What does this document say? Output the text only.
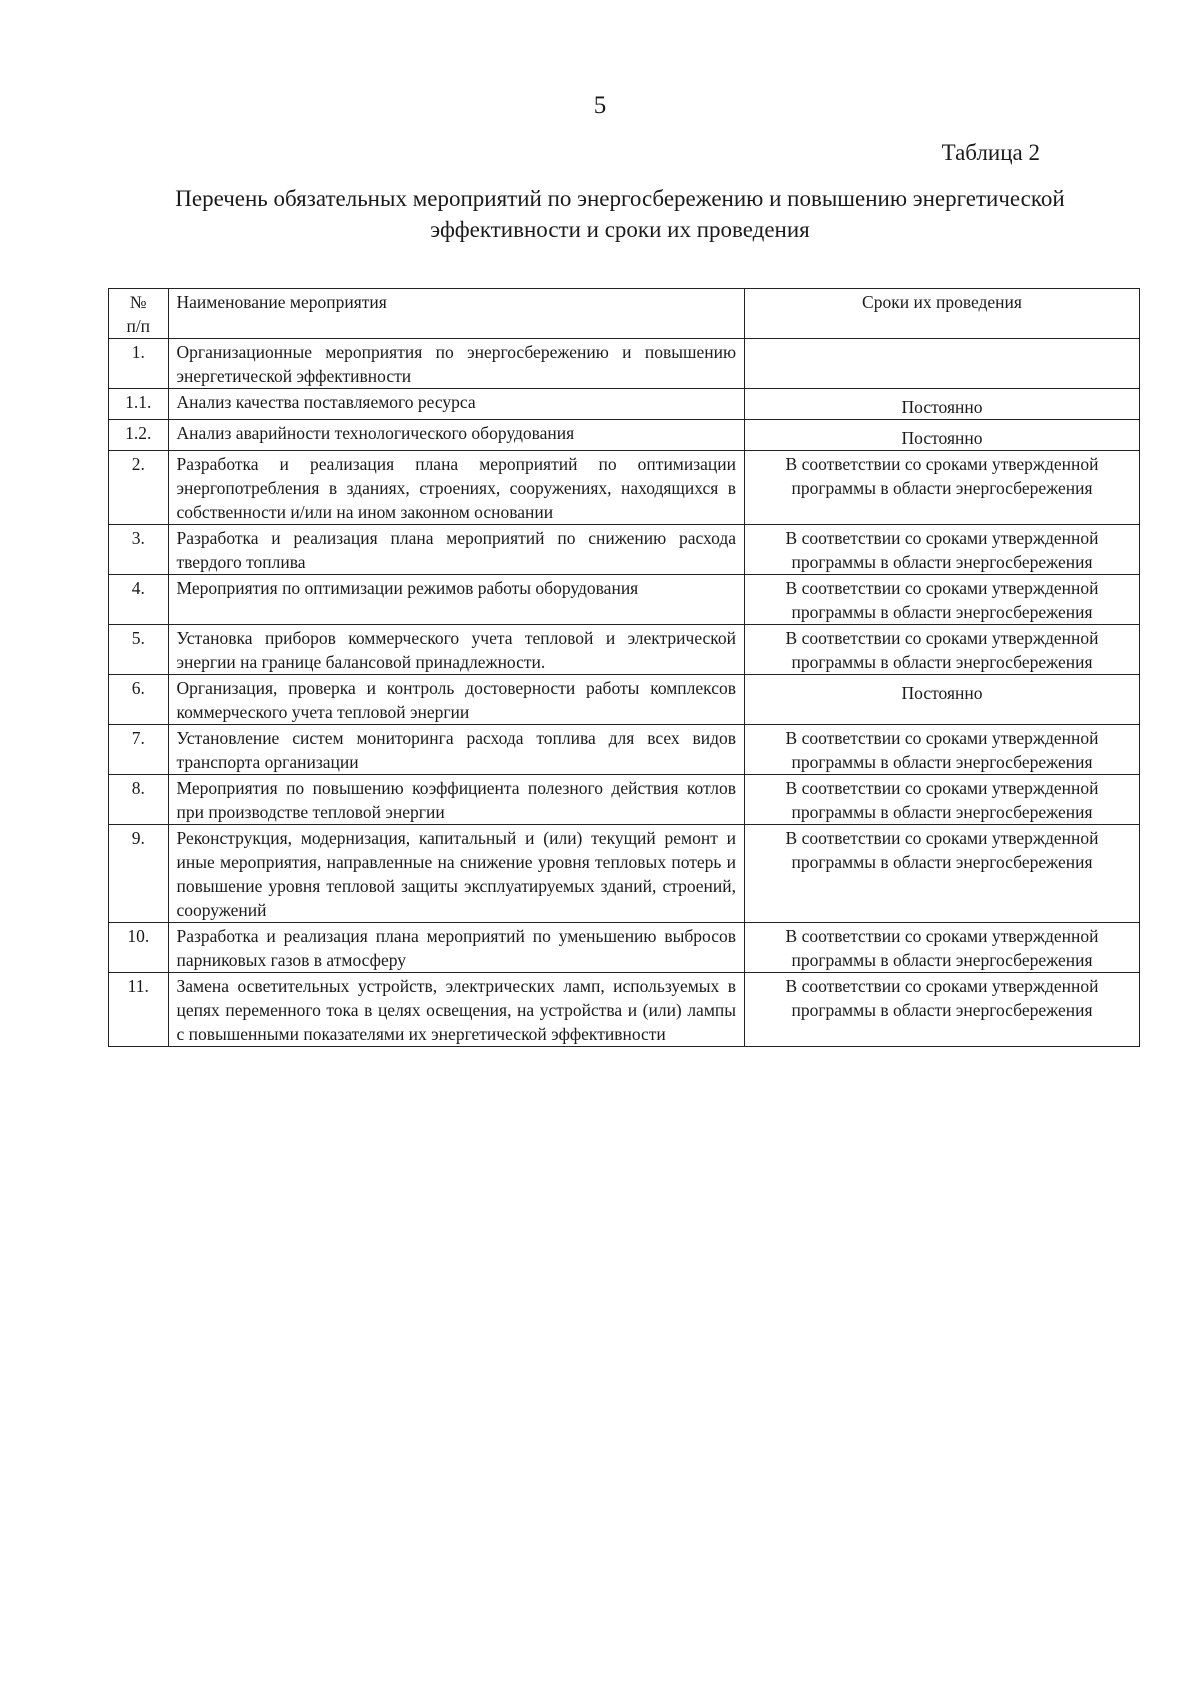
5
Таблица 2
Перечень обязательных мероприятий по энергосбережению и повышению энергетической
эффективности и сроки их проведения
№
п/п	Наименование мероприятия	Сроки их проведения
1.	Организационные мероприятия по энергосбережению и повышению энергетической эффективности	
1.1.	Анализ качества поставляемого ресурса	Постоянно
1.2.	Анализ аварийности технологического оборудования	Постоянно
2.	Разработка и реализация плана мероприятий по оптимизации энергопотребления в зданиях, строениях, сооружениях, находящихся в собственности и/или на ином законном основании	В соответствии со сроками утвержденной программы в области энергосбережения
3.	Разработка и реализация плана мероприятий по снижению расхода твердого топлива	В соответствии со сроками утвержденной программы в области энергосбережения
4.	Мероприятия по оптимизации режимов работы оборудования	В соответствии со сроками утвержденной программы в области энергосбережения
5.	Установка приборов коммерческого учета тепловой и электрической энергии на границе балансовой принадлежности.	В соответствии со сроками утвержденной программы в области энергосбережения
6.	Организация, проверка и контроль достоверности работы комплексов коммерческого учета тепловой энергии	Постоянно
7.	Установление систем мониторинга расхода топлива для всех видов транспорта организации	В соответствии со сроками утвержденной программы в области энергосбережения
8.	Мероприятия по повышению коэффициента полезного действия котлов при производстве тепловой энергии	В соответствии со сроками утвержденной программы в области энергосбережения
9.	Реконструкция, модернизация, капитальный и (или) текущий ремонт и иные мероприятия, направленные на снижение уровня тепловых потерь и повышение уровня тепловой защиты эксплуатируемых зданий, строений, сооружений	В соответствии со сроками утвержденной программы в области энергосбережения
10.	Разработка и реализация плана мероприятий по уменьшению выбросов парниковых газов в атмосферу	В соответствии со сроками утвержденной программы в области энергосбережения
11.	Замена осветительных устройств, электрических ламп, используемых в цепях переменного тока в целях освещения, на устройства и (или) лампы с повышенными показателями их энергетической эффективности	В соответствии со сроками утвержденной программы в области энергосбережения
